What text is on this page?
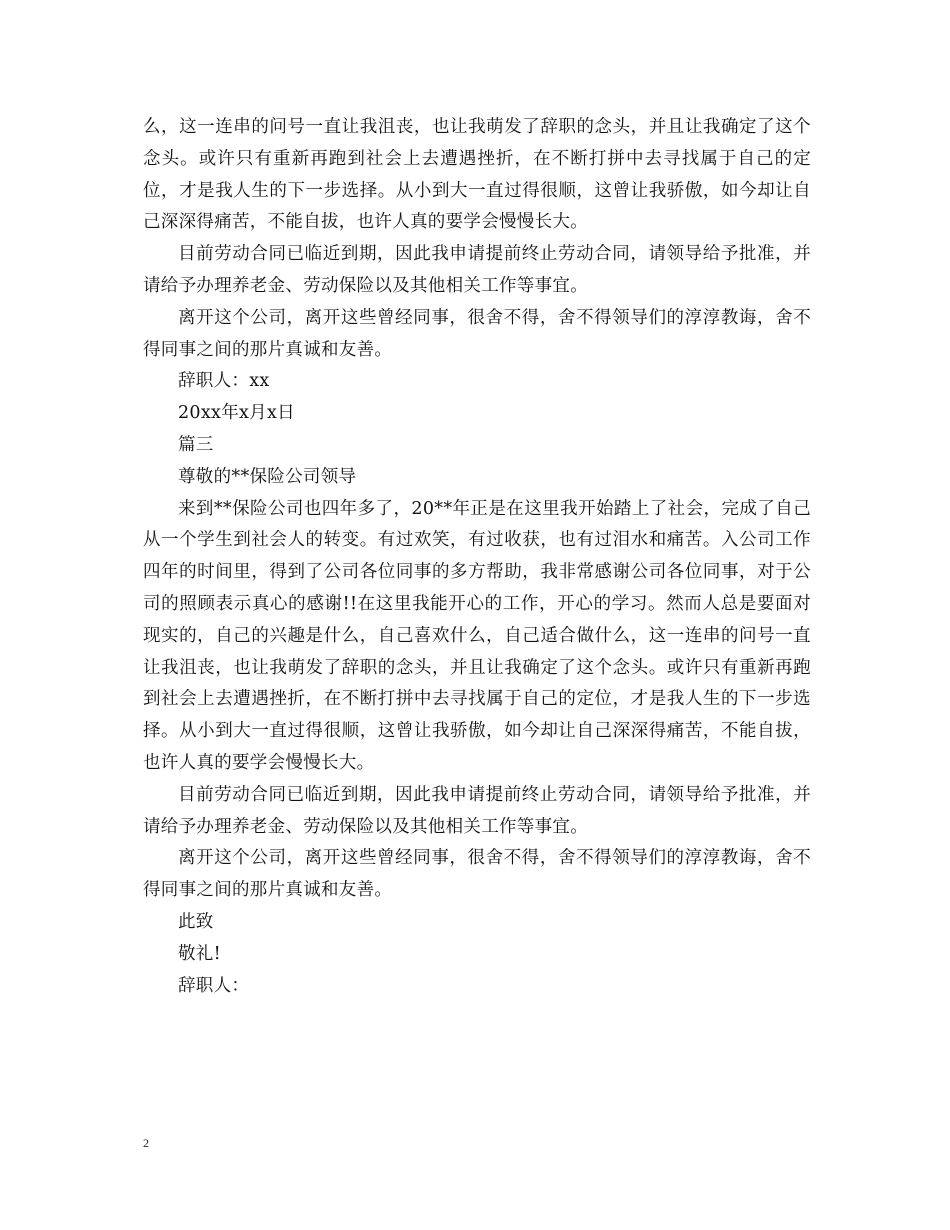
么，这一连串的问号一直让我沮丧，也让我萌发了辞职的念头，并且让我确定了这个念头。或许只有重新再跑到社会上去遭遇挫折，在不断打拼中去寻找属于自己的定位，才是我人生的下一步选择。从小到大一直过得很顺，这曾让我骄傲，如今却让自己深深得痛苦，不能自拔，也许人真的要学会慢慢长大。

目前劳动合同已临近到期，因此我申请提前终止劳动合同，请领导给予批准，并请给予办理养老金、劳动保险以及其他相关工作等事宜。

离开这个公司，离开这些曾经同事，很舍不得，舍不得领导们的淳淳教诲，舍不得同事之间的那片真诚和友善。

辞职人：xx

20xx年x月x日

篇三

尊敬的**保险公司领导

来到**保险公司也四年多了，20**年正是在这里我开始踏上了社会，完成了自己从一个学生到社会人的转变。有过欢笑，有过收获，也有过泪水和痛苦。入公司工作四年的时间里，得到了公司各位同事的多方帮助，我非常感谢公司各位同事，对于公司的照顾表示真心的感谢!!在这里我能开心的工作，开心的学习。然而人总是要面对现实的，自己的兴趣是什么，自己喜欢什么，自己适合做什么，这一连串的问号一直让我沮丧，也让我萌发了辞职的念头，并且让我确定了这个念头。或许只有重新再跑到社会上去遭遇挫折，在不断打拼中去寻找属于自己的定位，才是我人生的下一步选择。从小到大一直过得很顺，这曾让我骄傲，如今却让自己深深得痛苦，不能自拔，也许人真的要学会慢慢长大。

目前劳动合同已临近到期，因此我申请提前终止劳动合同，请领导给予批准，并请给予办理养老金、劳动保险以及其他相关工作等事宜。

离开这个公司，离开这些曾经同事，很舍不得，舍不得领导们的淳淳教诲，舍不得同事之间的那片真诚和友善。

此致

敬礼!

辞职人：

2
